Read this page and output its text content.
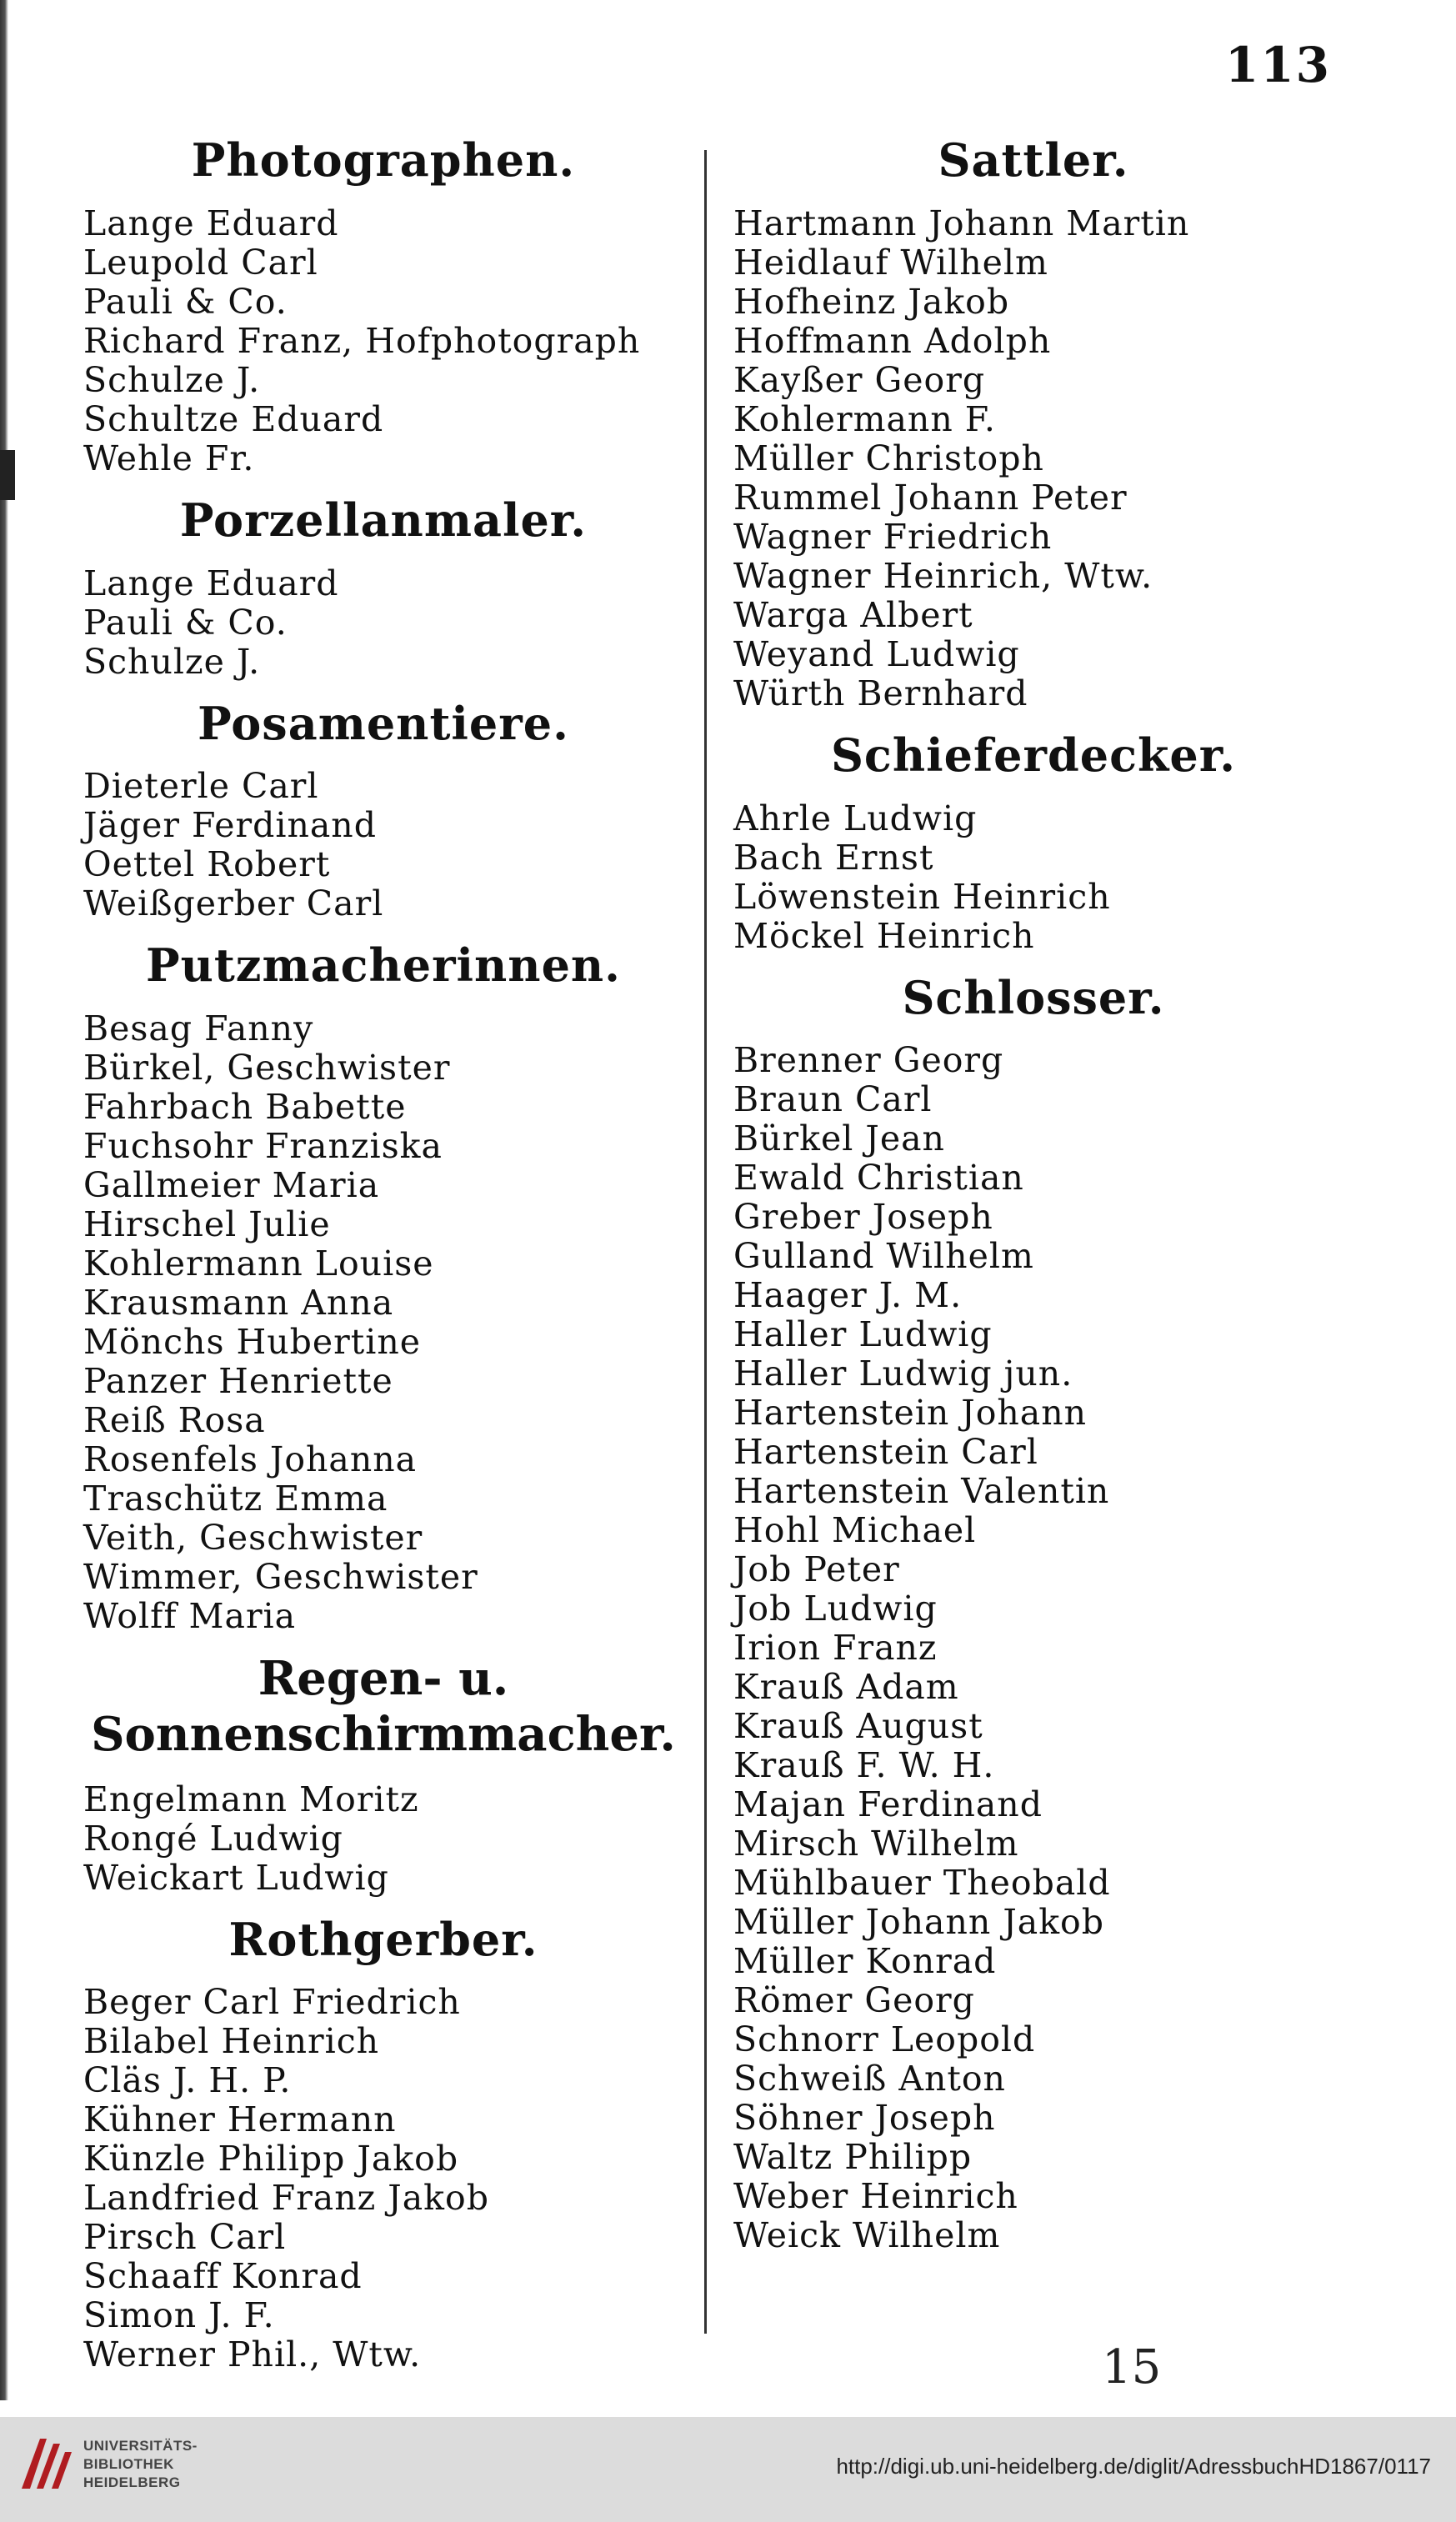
113
Photographen.
Lange Eduard
Leupold Carl
Pauli & Co.
Richard Franz, Hofphotograph
Schulze J.
Schultze Eduard
Wehle Fr.
Porzellanmaler.
Lange Eduard
Pauli & Co.
Schulze J.
Posamentiere.
Dieterle Carl
Jäger Ferdinand
Oettel Robert
Weißgerber Carl
Putzmacherinnen.
Besag Fanny
Bürkel, Geschwister
Fahrbach Babette
Fuchsohr Franziska
Gallmeier Maria
Hirschel Julie
Kohlermann Louise
Krausmann Anna
Mönchs Hubertine
Panzer Henriette
Reiß Rosa
Rosenfels Johanna
Traschütz Emma
Veith, Geschwister
Wimmer, Geschwister
Wolff Maria
Regen- u. Sonnenschirmmacher.
Engelmann Moritz
Rongé Ludwig
Weickart Ludwig
Rothgerber.
Beger Carl Friedrich
Bilabel Heinrich
Cläs J. H. P.
Kühner Hermann
Künzle Philipp Jakob
Landfried Franz Jakob
Pirsch Carl
Schaaff Konrad
Simon J. F.
Werner Phil., Wtw.
Sattler.
Hartmann Johann Martin
Heidlauf Wilhelm
Hofheinz Jakob
Hoffmann Adolph
Kayßer Georg
Kohlermann F.
Müller Christoph
Rummel Johann Peter
Wagner Friedrich
Wagner Heinrich, Wtw.
Warga Albert
Weyand Ludwig
Würth Bernhard
Schieferdecker.
Ahrle Ludwig
Bach Ernst
Löwenstein Heinrich
Möckel Heinrich
Schlosser.
Brenner Georg
Braun Carl
Bürkel Jean
Ewald Christian
Greber Joseph
Gulland Wilhelm
Haager J. M.
Haller Ludwig
Haller Ludwig jun.
Hartenstein Johann
Hartenstein Carl
Hartenstein Valentin
Hohl Michael
Job Peter
Job Ludwig
Irion Franz
Krauß Adam
Krauß August
Krauß F. W. H.
Majan Ferdinand
Mirsch Wilhelm
Mühlbauer Theobald
Müller Johann Jakob
Müller Konrad
Römer Georg
Schnorr Leopold
Schweiß Anton
Söhner Joseph
Waltz Philipp
Weber Heinrich
Weick Wilhelm
15
UNIVERSITÄTS-
BIBLIOTHEK
HEIDELBERG
http://digi.ub.uni-heidelberg.de/diglit/AdressbuchHD1867/0117
